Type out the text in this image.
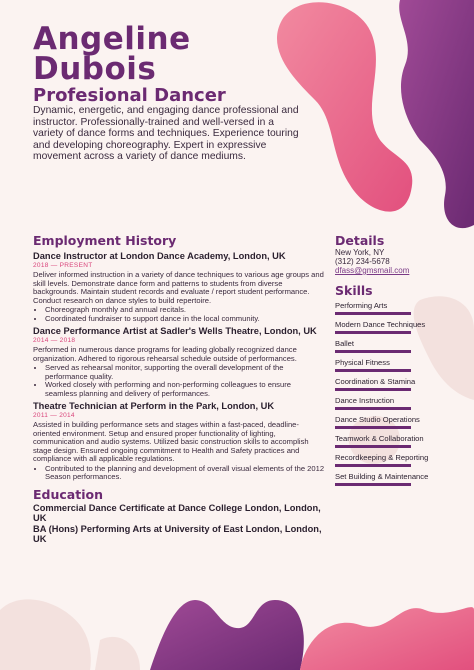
Angeline
Dubois
Profesional Dancer
Dynamic, energetic, and engaging dance professional and instructor. Professionally-trained and well-versed in a variety of dance forms and techniques. Experience touring and developing choreography. Expert in expressive movement across a variety of dance mediums.
Employment History
Dance Instructor at London Dance Academy, London, UK
2018 — PRESENT
Deliver informed instruction in a variety of dance techniques to various age groups and skill levels. Demonstrate dance form and patterns to students from diverse backgrounds. Maintain student records and evaluate / report student performance. Conduct research on dance styles to build repertoire.
• Choreograph monthly and annual recitals.
• Coordinated fundraiser to support dance in the local community.
Dance Performance Artist at Sadler's Wells Theatre, London, UK
2014 — 2018
Performed in numerous dance programs for leading globally recognized dance organization. Adhered to rigorous rehearsal schedule outside of performances.
• Served as rehearsal monitor, supporting the overall development of the performance quality.
• Worked closely with performing and non-performing colleagues to ensure seamless planning and delivery of performances.
Theatre Technician at Perform in the Park, London, UK
2011 — 2014
Assisted in building performance sets and stages within a fast-paced, deadline-oriented environment. Setup and ensured proper functionality of lighting, communication and audio systems. Utilized basic construction skills to accomplish stage design. Ensured ongoing commitment to Health and Safety practices and compliance with all applicable regulations.
• Contributed to the planning and development of overall visual elements of the 2012 Season performances.
Education
Commercial Dance Certificate at Dance College London, London, UK
BA (Hons) Performing Arts at University of East London, London, UK
Details
New York, NY
(312) 234-5678
dfass@gmsmail.com
Skills
Performing Arts
Modern Dance Techniques
Ballet
Physical Fitness
Coordination & Stamina
Dance Instruction
Dance Studio Operations
Teamwork & Collaboration
Recordkeeping & Reporting
Set Building & Maintenance
